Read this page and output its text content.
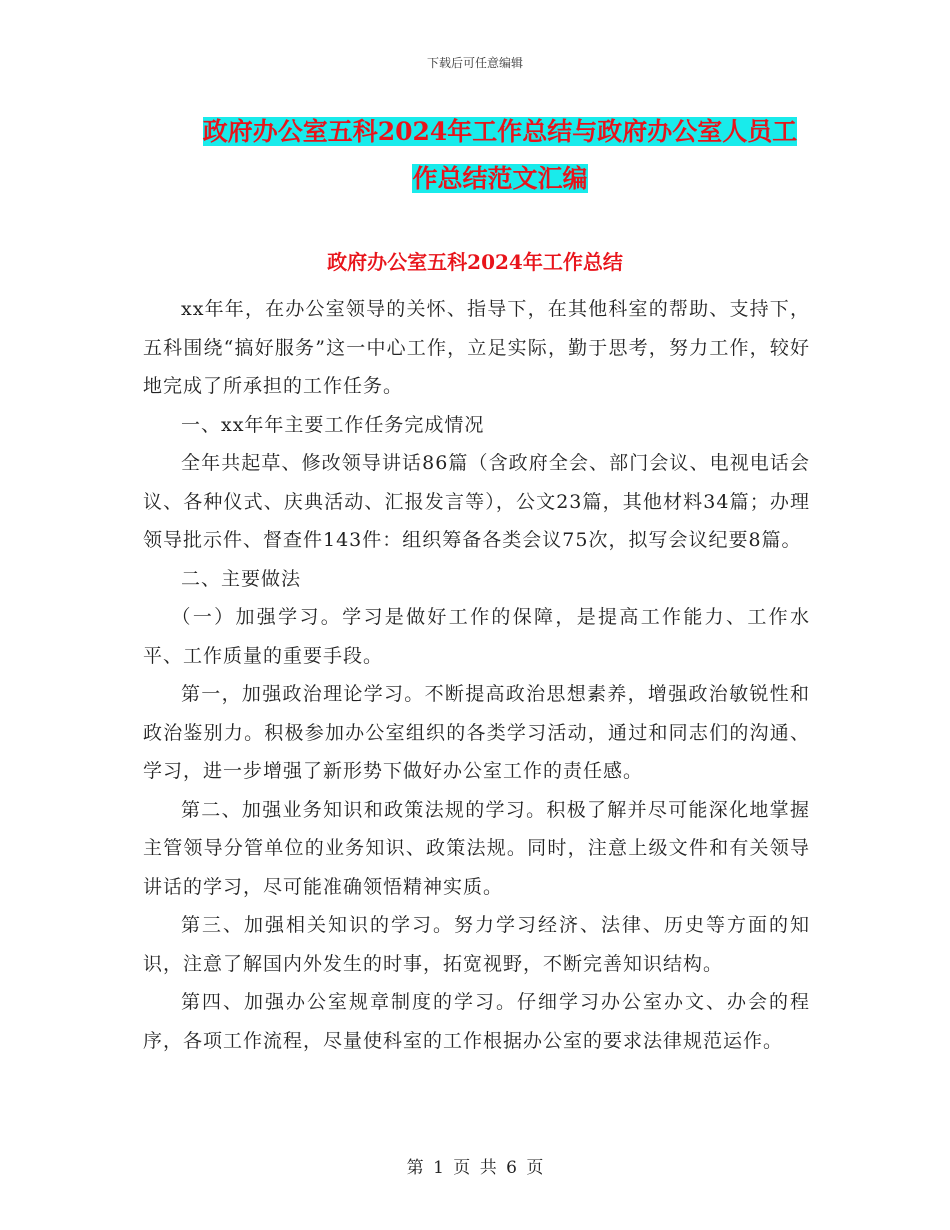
下载后可任意编辑
政府办公室五科2024年工作总结与政府办公室人员工
作总结范文汇编
政府办公室五科2024年工作总结

xx年年，在办公室领导的关怀、指导下，在其他科室的帮助、支持下，五科围绕“搞好服务”这一中心工作，立足实际，勤于思考，努力工作，较好地完成了所承担的工作任务。

一、xx年年主要工作任务完成情况

全年共起草、修改领导讲话86篇（含政府全会、部门会议、电视电话会议、各种仪式、庆典活动、汇报发言等），公文23篇，其他材料34篇；办理领导批示件、督查件143件：组织筹备各类会议75次，拟写会议纪要8篇。

二、主要做法

（一）加强学习。学习是做好工作的保障，是提高工作能力、工作水平、工作质量的重要手段。

第一，加强政治理论学习。不断提高政治思想素养，增强政治敏锐性和政治鉴别力。积极参加办公室组织的各类学习活动，通过和同志们的沟通、学习，进一步增强了新形势下做好办公室工作的责任感。

第二、加强业务知识和政策法规的学习。积极了解并尽可能深化地掌握主管领导分管单位的业务知识、政策法规。同时，注意上级文件和有关领导讲话的学习，尽可能准确领悟精神实质。

第三、加强相关知识的学习。努力学习经济、法律、历史等方面的知识，注意了解国内外发生的时事，拓宽视野，不断完善知识结构。

第四、加强办公室规章制度的学习。仔细学习办公室办文、办会的程序，各项工作流程，尽量使科室的工作根据办公室的要求法律规范运作。

第 1 页 共 6 页
